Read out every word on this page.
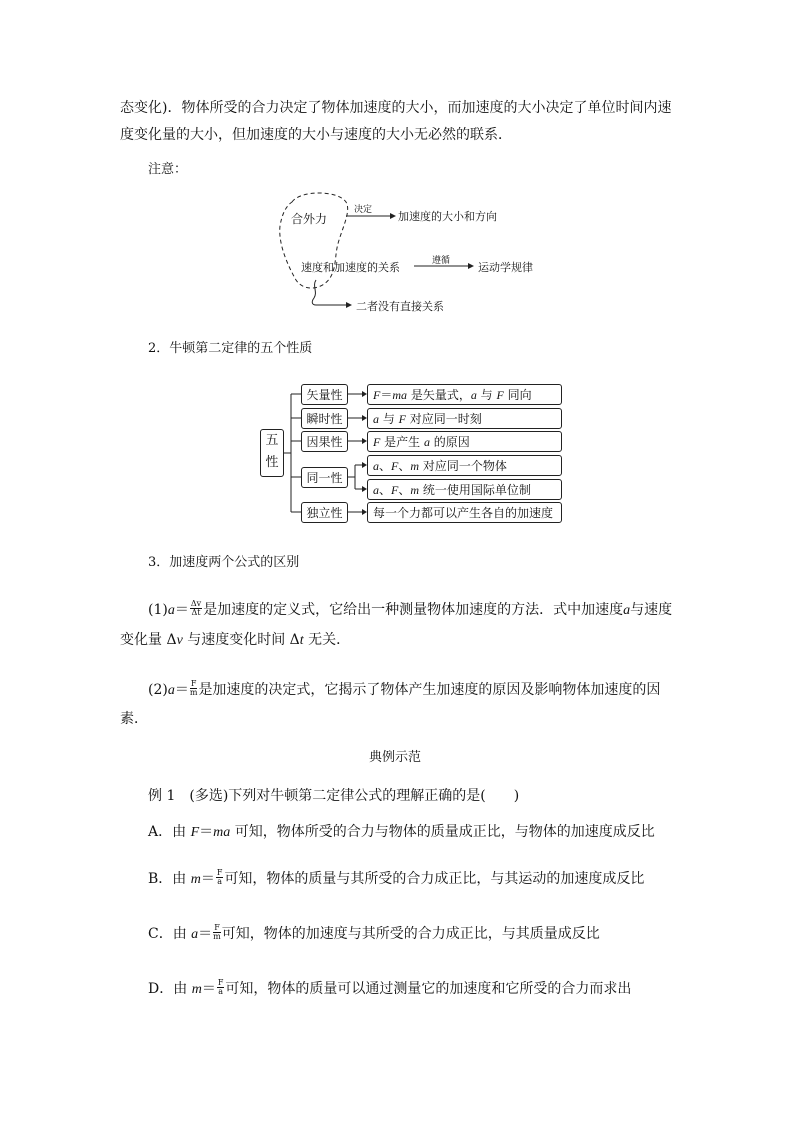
态变化)．物体所受的合力决定了物体加速度的大小，而加速度的大小决定了单位时间内速
度变化量的大小，但加速度的大小与速度的大小无必然的联系．
注意：
合外力
决定 加速度的大小和方向
速度和加速度的关系	遵循	运动学规律
二者没有直接关系
2．牛顿第二定律的五个性质
五
性
矢量性	F＝ma 是矢量式，a 与 F 同向
瞬时性	a 与 F 对应同一时刻
因果性	F 是产生 a 的原因
同一性
a、F、m 对应同一个物体
a、F、m 统一使用国际单位制
独立性	每一个力都可以产生各自的加速度
3．加速度两个公式的区别
$(1)a= \frac{\Delta v}{\Delta t}$ 是加速度的定义式，它给出一种测量物体加速度的方法．式中加速度a与速度
变化量 Δv 与速度变化时间 Δt 无关．
$(2)a= \frac{F}{m}$ 是加速度的决定式，它揭示了物体产生加速度的原因及影响物体加速度的因
素．
典例示范
例 1　(多选)下列对牛顿第二定律公式的理解正确的是(　　)
A．由 F＝ma 可知，物体所受的合力与物体的质量成正比，与物体的加速度成反比
B．由 $m= \frac{F}{a}$ 可知，物体的质量与其所受的合力成正比，与其运动的加速度成反比
C．由 $a= \frac{F}{m}$ 可知，物体的加速度与其所受的合力成正比，与其质量成反比
D．由 $m= \frac{F}{a}$ 可知，物体的质量可以通过测量它的加速度和它所受的合力而求出
